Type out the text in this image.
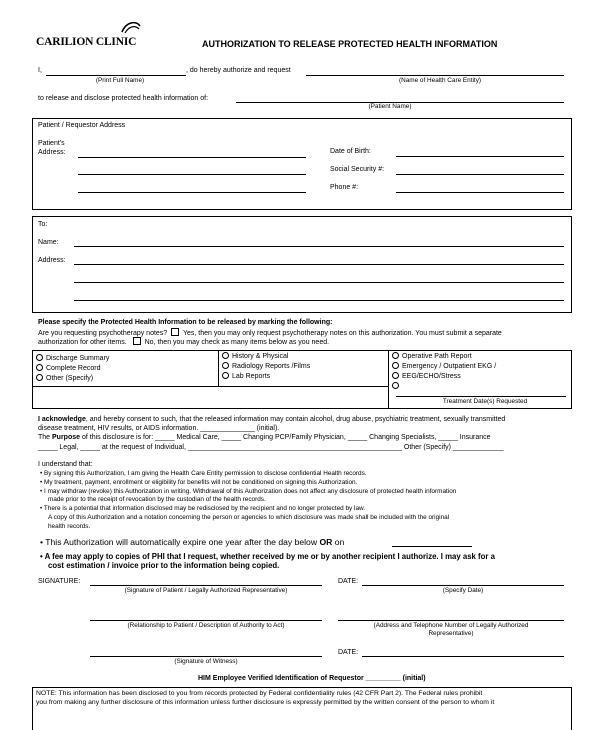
CARILION CLINIC	AUTHORIZATION TO RELEASE PROTECTED HEALTH INFORMATION
I,	, do hereby authorize and request
(Print Full Name)	(Name of Health Care Entity)
to release and disclose protected health information of:
(Patient Name)
Patient / Requestor Address
Patient's
Address:	Date of Birth:
Social Security #:
Phone #:
To:
Name:
Address:
Please specify the Protected Health Information to be released by marking the following:
Are you requesting psychotherapy notes? Yes, then you may only request psychotherapy notes on this authorization. You must submit a separate
authorization for other items.	No, then you may check as many items below as you need.
Discharge Summary
Complete Record
Other (Specify)
History & Physical
Radiology Reports /Films
Lab Reports
Operative Path Report
Emergency / Outpatient EKG /
EEG/ECHO/Stress
Treatment Date(s) Requested
I acknowledge, and hereby consent to such, that the released information may contain alcohol, drug abuse, psychiatric treatment, sexually transmitted
disease treatment, HIV results, or AIDS information. ______________ (initial).
The Purpose of this disclosure is for: _____ Medical Care, _____ Changing PCP/Family Physician, _____ Changing Specialists, _____ Insurance
_____ Legal, _____ at the request of Individual, _______________________________________________________ Other (Specify) _____________
I understand that:
• By signing this Authorization, I am giving the Health Care Entity permission to disclose confidential Health records.
• My treatment, payment, enrollment or eligibility for benefits will not be conditioned on signing this Authorization.
• I may withdraw (revoke) this Authorization in writing. Withdrawal of this Authorization does not affect any disclosure of protected health information
made prior to the receipt of revocation by the custodian of the health records.
• There is a potential that information disclosed may be redisclosed by the recipient and no longer protected by law.
A copy of this Authorization and a notation concerning the person or agencies to which disclosure was made shall be included with the original
health records.
• This Authorization will automatically expire one year after the day below OR on
• A fee may apply to copies of PHI that I request, whether received by me or by another recipient I authorize. I may ask for a
cost estimation / invoice prior to the information being copied.
SIGNATURE:
(Signature of Patient / Legally Authorized Representative)
DATE:
(Specify Date)
(Relationship to Patient / Description of Authority to Act)	(Address and Telephone Number of Legally Authorized
Representative)
(Signature of Witness)
DATE:
HIM Employee Verified Identification of Requestor _________ (initial)
NOTE: This information has been disclosed to you from records protected by Federal confidentiality rules (42 CFR Part 2). The Federal rules prohibit
you from making any further disclosure of this information unless further disclosure is expressly permitted by the written consent of the person to whom it
